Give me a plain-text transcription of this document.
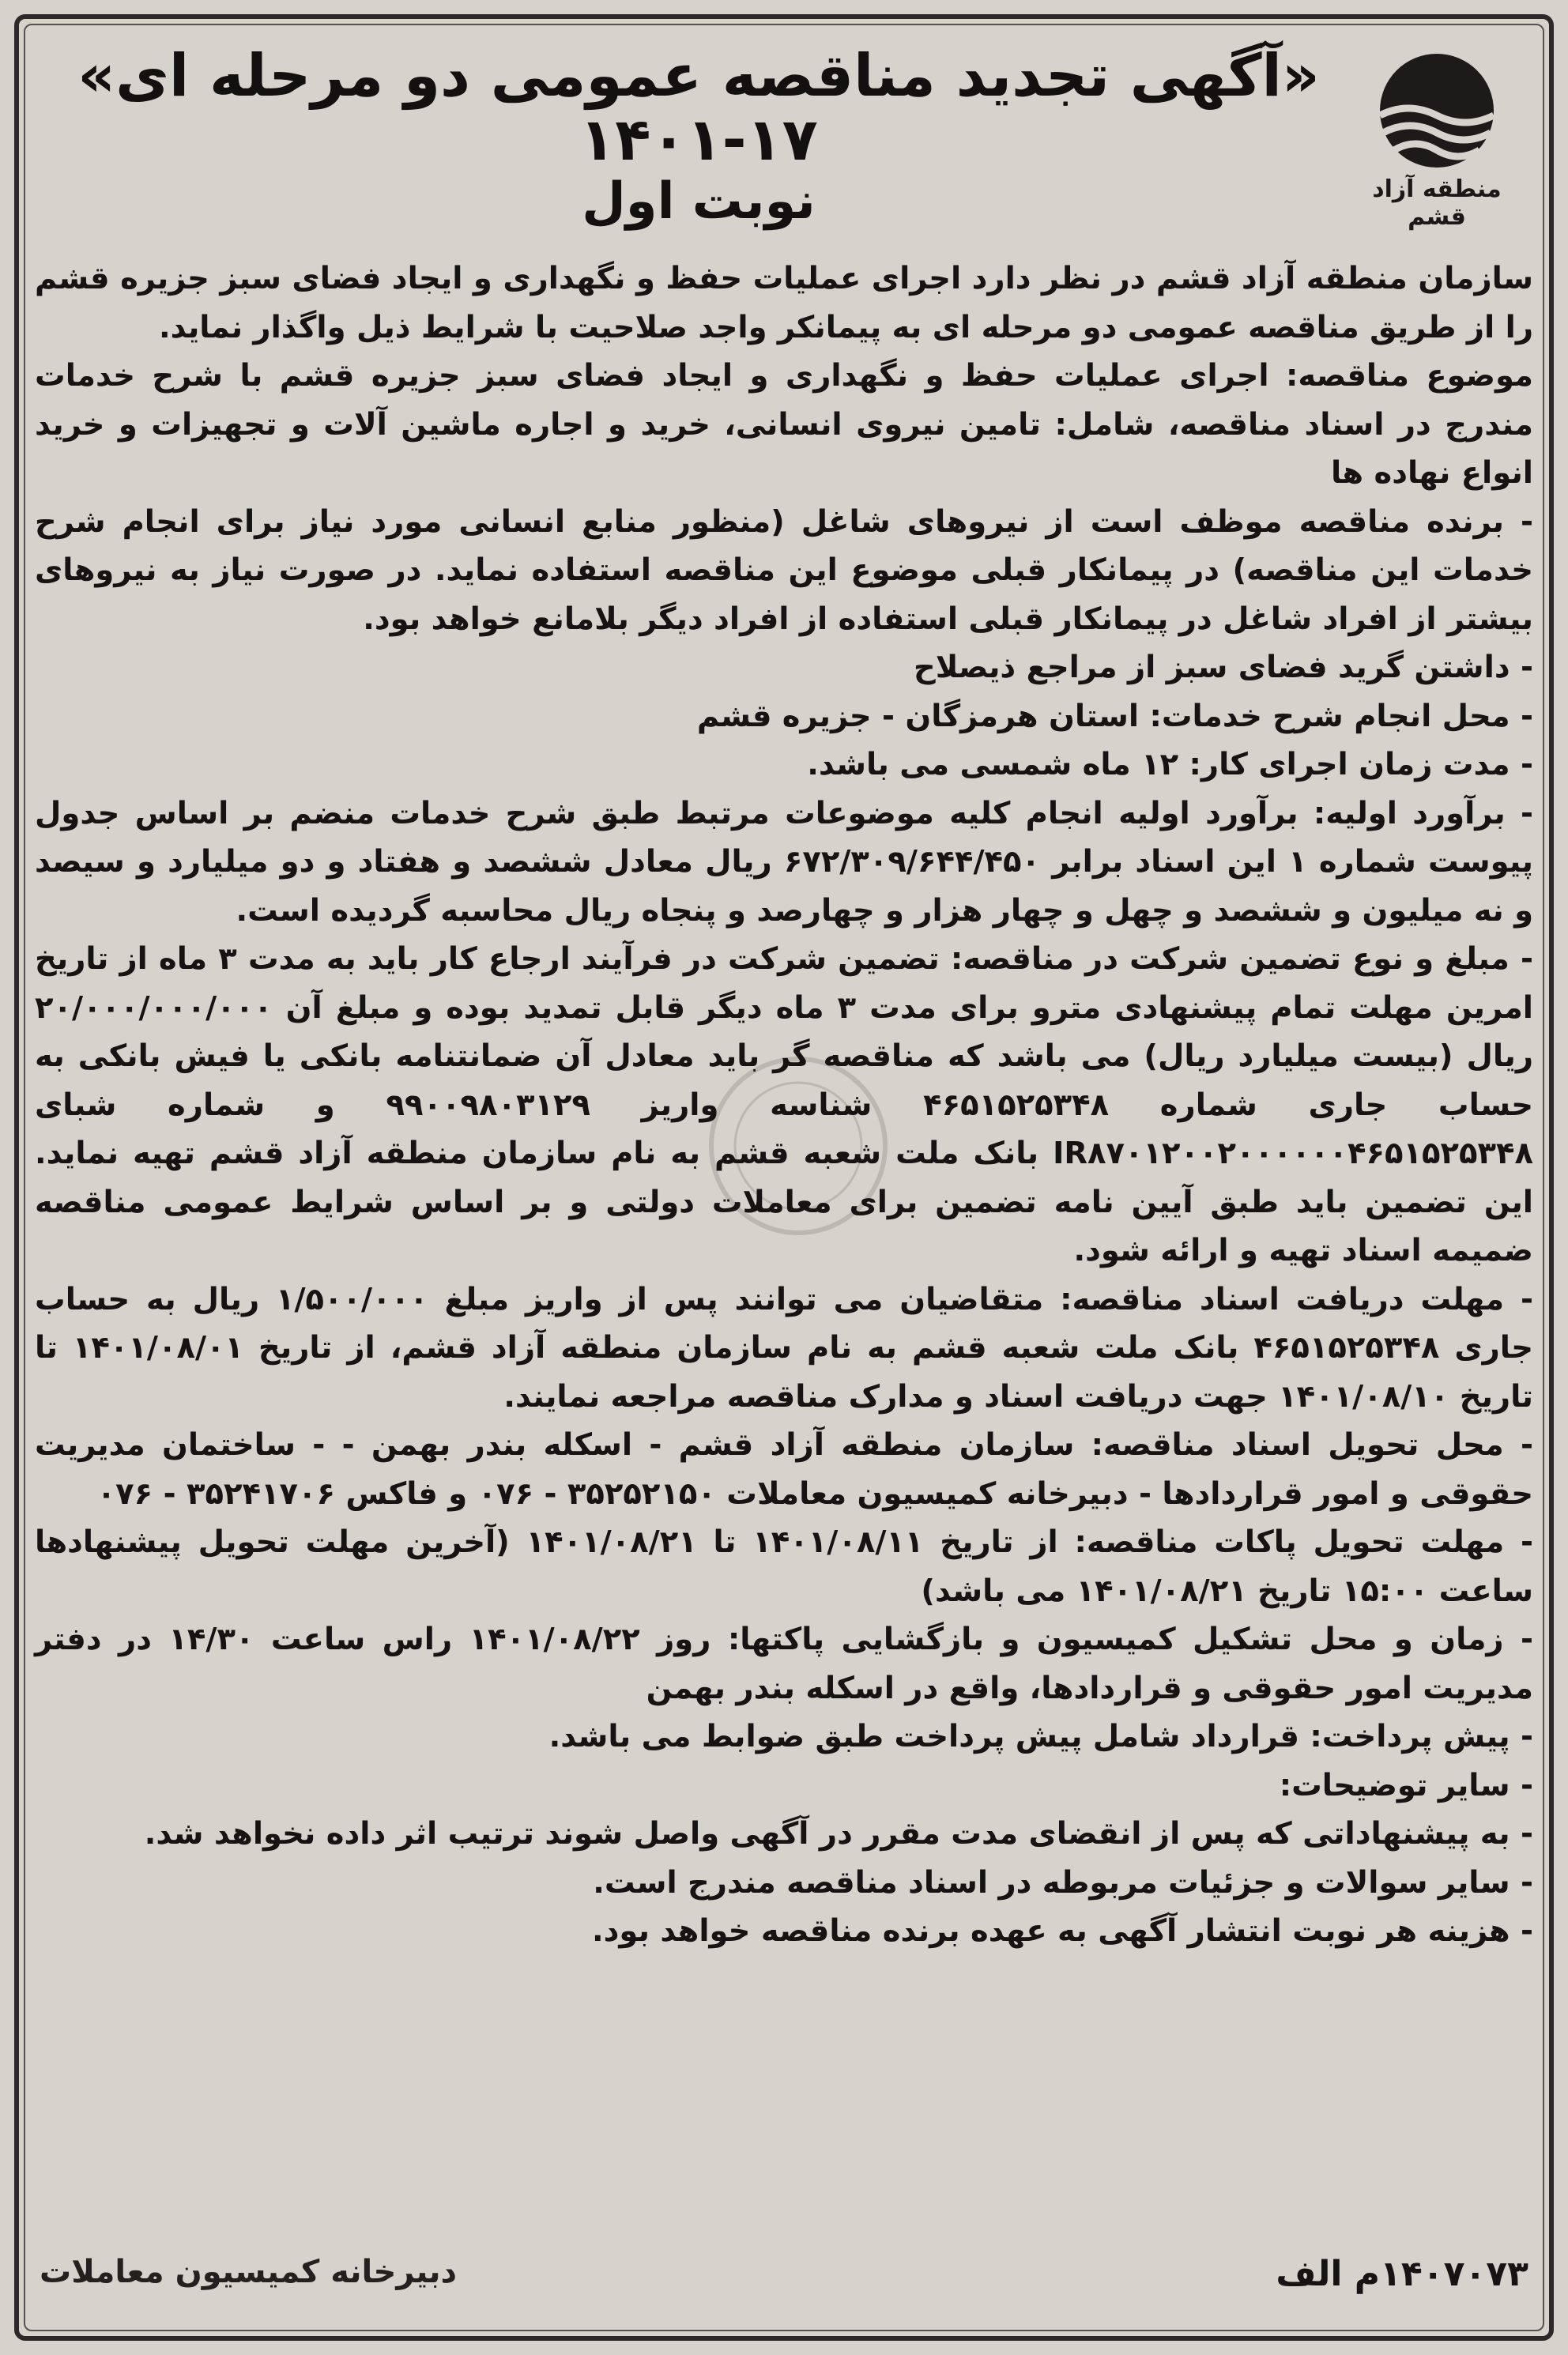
منطقه آزاد قشم
«آگهی تجدید مناقصه عمومی دو مرحله ای» ۱۷-۱۴۰۱
نوبت اول

سازمان منطقه آزاد قشم در نظر دارد اجرای عملیات حفظ و نگهداری و ایجاد فضای سبز جزیره قشم را از طریق مناقصه عمومی دو مرحله ای به پیمانکر واجد صلاحیت با شرایط ذیل واگذار نماید.

موضوع مناقصه: اجرای عملیات حفظ و نگهداری و ایجاد فضای سبز جزیره قشم با شرح خدمات مندرج در اسناد مناقصه، شامل: تامین نیروی انسانی، خرید و اجاره ماشین آلات و تجهیزات و خرید انواع نهاده ها

- برنده مناقصه موظف است از نیروهای شاغل (منظور منابع انسانی مورد نیاز برای انجام شرح خدمات این مناقصه) در پیمانکار قبلی موضوع این مناقصه استفاده نماید. در صورت نیاز به نیروهای بیشتر از افراد شاغل در پیمانکار قبلی استفاده از افراد دیگر بلامانع خواهد بود.

- داشتن گرید فضای سبز از مراجع ذیصلاح

- محل انجام شرح خدمات: استان هرمزگان - جزیره قشم

- مدت زمان اجرای کار: ۱۲ ماه شمسی می باشد.

- برآورد اولیه: برآورد اولیه انجام کلیه موضوعات مرتبط طبق شرح خدمات منضم بر اساس جدول پیوست شماره ۱ این اسناد برابر ۶۷۲/۳۰۹/۶۴۴/۴۵۰ ریال معادل ششصد و هفتاد و دو میلیارد و سیصد و نه میلیون و ششصد و چهل و چهار هزار و چهارصد و پنجاه ریال محاسبه گردیده است.

- مبلغ و نوع تضمین شرکت در مناقصه: تضمین شرکت در فرآیند ارجاع کار باید به مدت ۳ ماه از تاریخ امرین مهلت تمام پیشنهادی مترو برای مدت ۳ ماه دیگر قابل تمدید بوده و مبلغ آن ۲۰/۰۰۰/۰۰۰/۰۰۰ ریال (بیست میلیارد ریال) می باشد که مناقصه گر باید معادل آن ضمانتنامه بانکی یا فیش بانکی به حساب جاری شماره ۴۶۵۱۵۲۵۳۴۸ شناسه واریز ۹۹۰۰۹۸۰۳۱۲۹ و شماره شبای IR۸۷۰۱۲۰۰۲۰۰۰۰۰۰۴۶۵۱۵۲۵۳۴۸ بانک ملت شعبه قشم به نام سازمان منطقه آزاد قشم تهیه نماید. این تضمین باید طبق آیین نامه تضمین برای معاملات دولتی و بر اساس شرایط عمومی مناقصه ضمیمه اسناد تهیه و ارائه شود.

- مهلت دریافت اسناد مناقصه: متقاضیان می توانند پس از واریز مبلغ ۱/۵۰۰/۰۰۰ ریال به حساب جاری ۴۶۵۱۵۲۵۳۴۸ بانک ملت شعبه قشم به نام سازمان منطقه آزاد قشم، از تاریخ ۱۴۰۱/۰۸/۰۱ تا تاریخ ۱۴۰۱/۰۸/۱۰ جهت دریافت اسناد و مدارک مناقصه مراجعه نمایند.

- محل تحویل اسناد مناقصه: سازمان منطقه آزاد قشم - اسکله بندر بهمن - - ساختمان مدیریت حقوقی و امور قراردادها - دبیرخانه کمیسیون معاملات ۳۵۲۵۲۱۵۰ - ۰۷۶ و فاکس ۳۵۲۴۱۷۰۶ - ۰۷۶

- مهلت تحویل پاکات مناقصه: از تاریخ ۱۴۰۱/۰۸/۱۱ تا ۱۴۰۱/۰۸/۲۱ (آخرین مهلت تحویل پیشنهادها ساعت ۱۵:۰۰ تاریخ ۱۴۰۱/۰۸/۲۱ می باشد)

- زمان و محل تشکیل کمیسیون و بازگشایی پاکتها: روز ۱۴۰۱/۰۸/۲۲ راس ساعت ۱۴/۳۰ در دفتر مدیریت امور حقوقی و قراردادها، واقع در اسکله بندر بهمن

- پیش پرداخت: قرارداد شامل پیش پرداخت طبق ضوابط می باشد.

- سایر توضیحات:

- به پیشنهاداتی که پس از انقضای مدت مقرر در آگهی واصل شوند ترتیب اثر داده نخواهد شد.

- سایر سوالات و جزئیات مربوطه در اسناد مناقصه مندرج است.

- هزینه هر نوبت انتشار آگهی به عهده برنده مناقصه خواهد بود.

۱۴۰۷۰۷۳م الف
دبیرخانه کمیسیون معاملات
